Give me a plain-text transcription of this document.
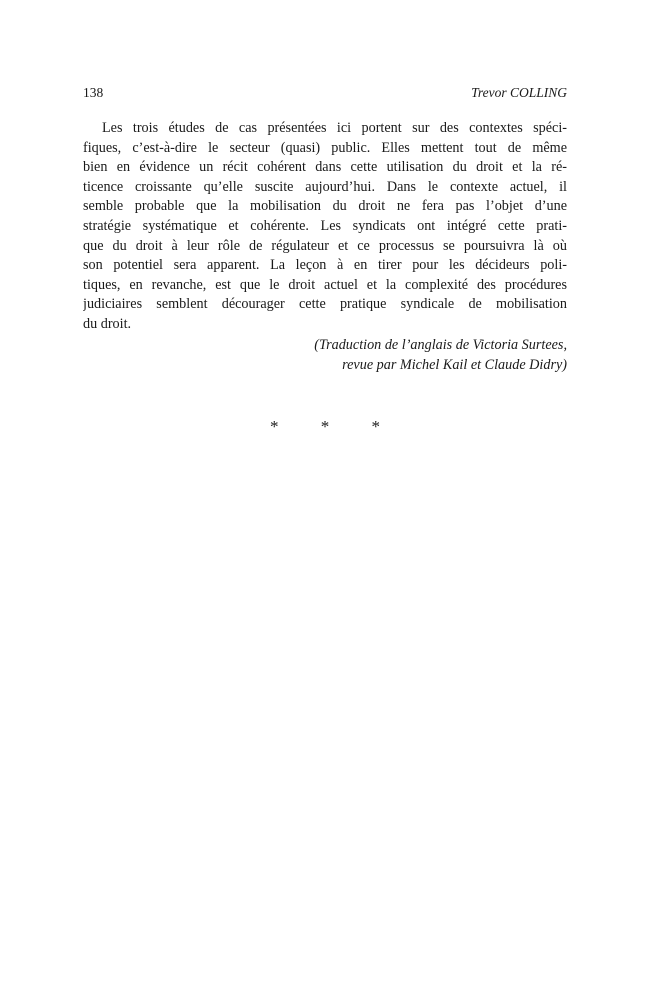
138	Trevor COLLING
Les trois études de cas présentées ici portent sur des contextes spéci-
fiques, c’est-à-dire le secteur (quasi) public. Elles mettent tout de même
bien en évidence un récit cohérent dans cette utilisation du droit et la ré-
ticence croissante qu’elle suscite aujourd’hui. Dans le contexte actuel, il
semble probable que la mobilisation du droit ne fera pas l’objet d’une
stratégie systématique et cohérente. Les syndicats ont intégré cette prati-
que du droit à leur rôle de régulateur et ce processus se poursuivra là où
son potentiel sera apparent. La leçon à en tirer pour les décideurs poli-
tiques, en revanche, est que le droit actuel et la complexité des procédures
judiciaires semblent décourager cette pratique syndicale de mobilisation
du droit.
(Traduction de l’anglais de Victoria Surtees,
revue par Michel Kail et Claude Didry)
* * *
